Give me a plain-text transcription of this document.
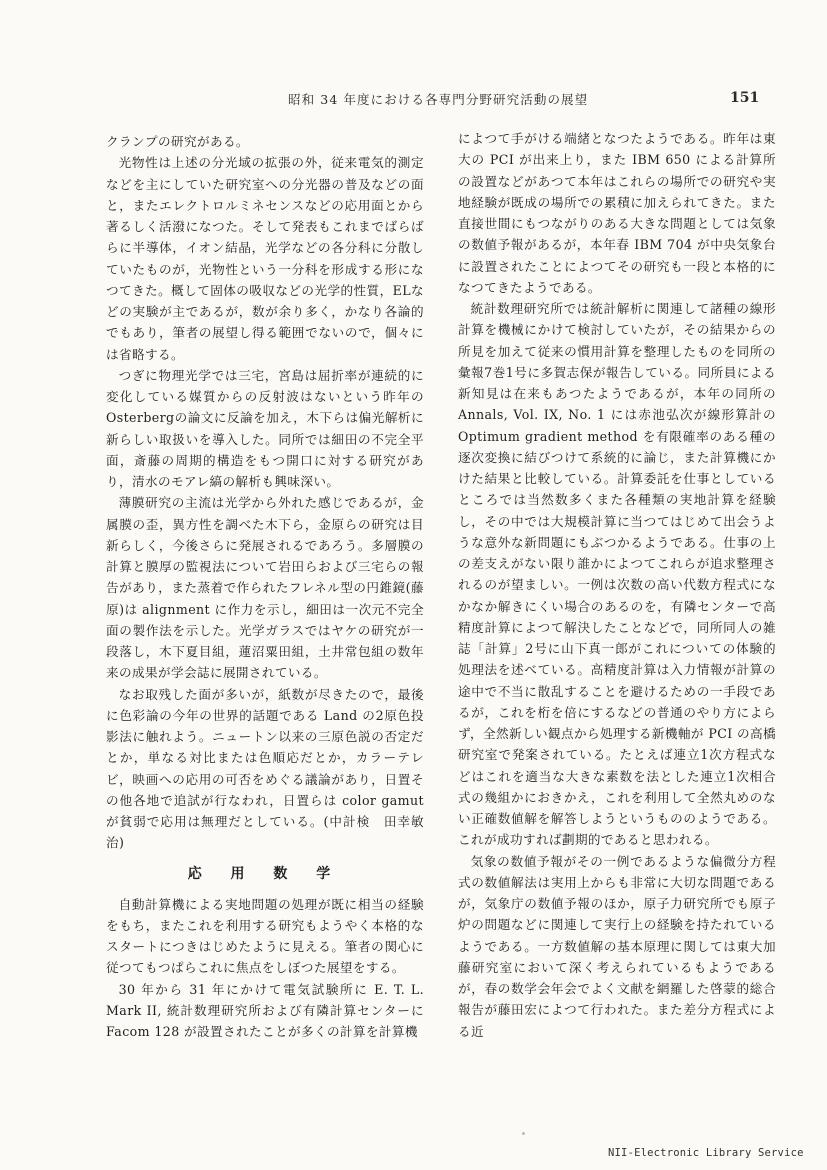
昭和 34 年度における各専門分野研究活動の展望	151

クランプの研究がある。

光物性は上述の分光域の拡張の外，従来電気的測定などを主にしていた研究室への分光器の普及などの面と，またエレクトロルミネセンスなどの応用面とから著るしく活潑になつた。そして発表もこれまでばらばらに半導体，イオン結晶，光学などの各分科に分散していたものが，光物性という一分科を形成する形になつてきた。概して固体の吸収などの光学的性質，ELなどの実験が主であるが，数が余り多く，かなり各論的でもあり，筆者の展望し得る範囲でないので，個々には省略する。

つぎに物理光学では三宅，宮島は屈折率が連続的に変化している媒質からの反射波はないという昨年のOsterbergの論文に反論を加え，木下らは偏光解析に新らしい取扱いを導入した。同所では細田の不完全平面，斎藤の周期的構造をもつ開口に対する研究があり，清水のモアレ縞の解析も興味深い。

薄膜研究の主流は光学から外れた感じであるが，金属膜の歪，異方性を調べた木下ら，金原らの研究は目新らしく，今後さらに発展されるであろう。多層膜の計算と膜厚の監視法について岩田らおよび三宅らの報告があり，また蒸着で作られたフレネル型の円錐鏡(藤原)は alignment に作力を示し，細田は一次元不完全面の製作法を示した。光学ガラスではヤケの研究が一段落し，木下夏目組，蓮沼粟田組，土井常包組の数年来の成果が学会誌に展開されている。

なお取残した面が多いが，紙数が尽きたので，最後に色彩論の今年の世界的話題である Land の2原色投影法に触れよう。ニュートン以来の三原色説の否定だとか，単なる対比または色順応だとか，カラーテレビ，映画への応用の可否をめぐる議論があり，日置その他各地で追試が行なわれ，日置らは color gamut が貧弱で応用は無理だとしている。(中計検　田幸敏治)

応 用 数 学

自動計算機による実地問題の処理が既に相当の経験をもち，またこれを利用する研究もようやく本格的なスタートにつきはじめたように見える。筆者の関心に従つてもつぱらこれに焦点をしぼつた展望をする。

30 年から 31 年にかけて電気試験所に E. T. L. Mark II, 統計数理研究所および有隣計算センターに Facom 128 が設置されたことが多くの計算を計算機

によつて手がける端緒となつたようである。昨年は東大の PCI が出来上り，また IBM 650 による計算所の設置などがあつて本年はこれらの場所での研究や実地経験が既成の場所での累積に加えられてきた。また直接世間にもつながりのある大きな問題としては気象の数値予報があるが，本年春 IBM 704 が中央気象台に設置されたことによつてその研究も一段と本格的になつてきたようである。

統計数理研究所では統計解析に関連して諸種の線形計算を機械にかけて検討していたが，その結果からの所見を加えて従来の慣用計算を整理したものを同所の彙報7巻1号に多賀志保が報告している。同所員による新知見は在来もあつたようであるが，本年の同所の Annals, Vol. IX, No. 1 には赤池弘次が線形算計の Optimum gradient method を有限確率のある種の逐次変換に結びつけて系統的に論じ，また計算機にかけた結果と比較している。計算委託を仕事としているところでは当然数多くまた各種類の実地計算を経験し，その中では大規模計算に当つてはじめて出会うような意外な新問題にもぶつかるようである。仕事の上の差支えがない限り誰かによつてこれらが追求整理されるのが望ましい。一例は次数の高い代数方程式になかなか解きにくい場合のあるのを，有隣センターで高精度計算によつて解決したことなどで，同所同人の雑誌「計算」2号に山下真一郎がこれについての体験的処理法を述べている。高精度計算は入力情報が計算の途中で不当に散乱することを避けるための一手段であるが，これを桁を倍にするなどの普通のやり方によらず，全然新しい観点から処理する新機軸が PCI の高橋研究室で発案されている。たとえば連立1次方程式などはこれを適当な大きな素数を法とした連立1次相合式の幾組かにおきかえ，これを利用して全然丸めのない正確数値解を解答しようというもののようである。これが成功すれば劃期的であると思われる。

気象の数値予報がその一例であるような偏微分方程式の数値解法は実用上からも非常に大切な問題であるが，気象庁の数値予報のほか，原子力研究所でも原子炉の問題などに関連して実行上の経験を持たれているようである。一方数値解の基本原理に関しては東大加藤研究室において深く考えられているもようであるが，春の数学会年会でよく文献を網羅した啓蒙的総合報告が藤田宏によつて行われた。また差分方程式による近

NII-Electronic Library Service
